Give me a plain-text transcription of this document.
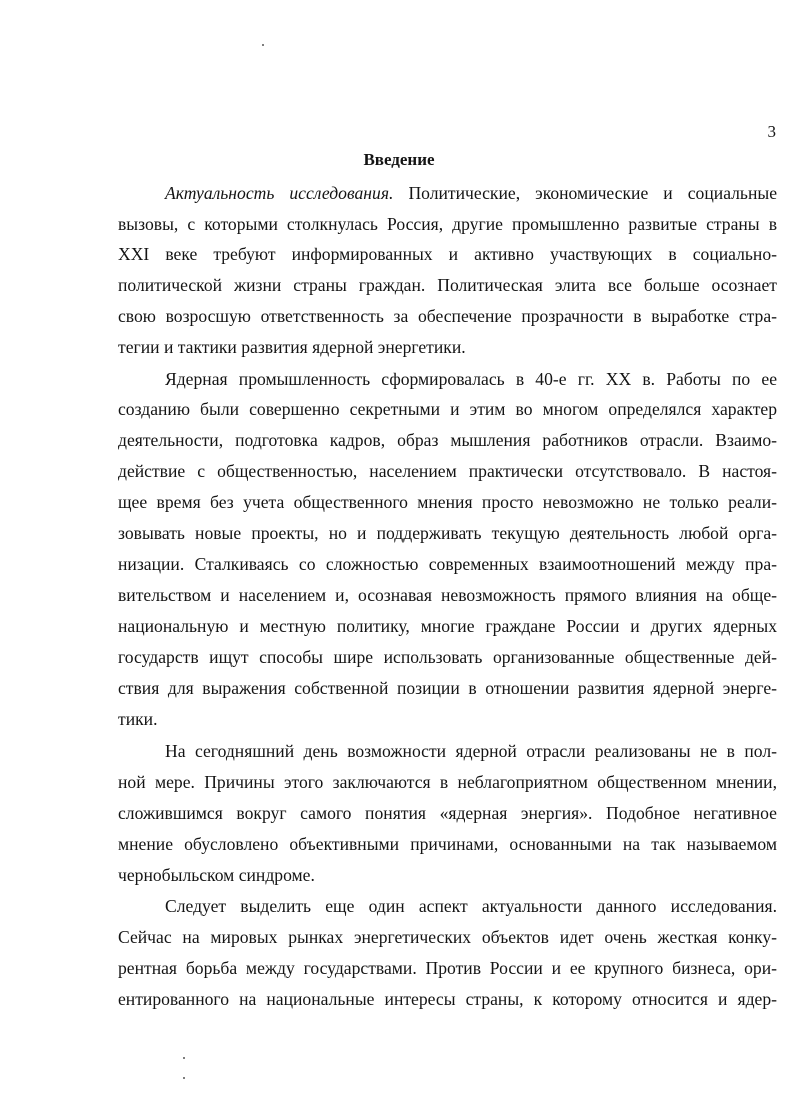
3
Введение
Актуальность исследования. Политические, экономические и социальные
вызовы, с которыми столкнулась Россия, другие промышленно развитые страны в
XXI веке требуют информированных и активно участвующих в социально-
политической жизни страны граждан. Политическая элита все больше осознает
свою возросшую ответственность за обеспечение прозрачности в выработке стра-
тегии и тактики развития ядерной энергетики.
Ядерная промышленность сформировалась в 40-е гг. XX в. Работы по ее
созданию были совершенно секретными и этим во многом определялся характер
деятельности, подготовка кадров, образ мышления работников отрасли. Взаимо-
действие с общественностью, населением практически отсутствовало. В настоя-
щее время без учета общественного мнения просто невозможно не только реали-
зовывать новые проекты, но и поддерживать текущую деятельность любой орга-
низации. Сталкиваясь со сложностью современных взаимоотношений между пра-
вительством и населением и, осознавая невозможность прямого влияния на обще-
национальную и местную политику, многие граждане России и других ядерных
государств ищут способы шире использовать организованные общественные дей-
ствия для выражения собственной позиции в отношении развития ядерной энерге-
тики.
На сегодняшний день возможности ядерной отрасли реализованы не в пол-
ной мере. Причины этого заключаются в неблагоприятном общественном мнении,
сложившимся вокруг самого понятия «ядерная энергия». Подобное негативное
мнение обусловлено объективными причинами, основанными на так называемом
чернобыльском синдроме.
Следует выделить еще один аспект актуальности данного исследования.
Сейчас на мировых рынках энергетических объектов идет очень жесткая конку-
рентная борьба между государствами. Против России и ее крупного бизнеса, ори-
ентированного на национальные интересы страны, к которому относится и ядер-
